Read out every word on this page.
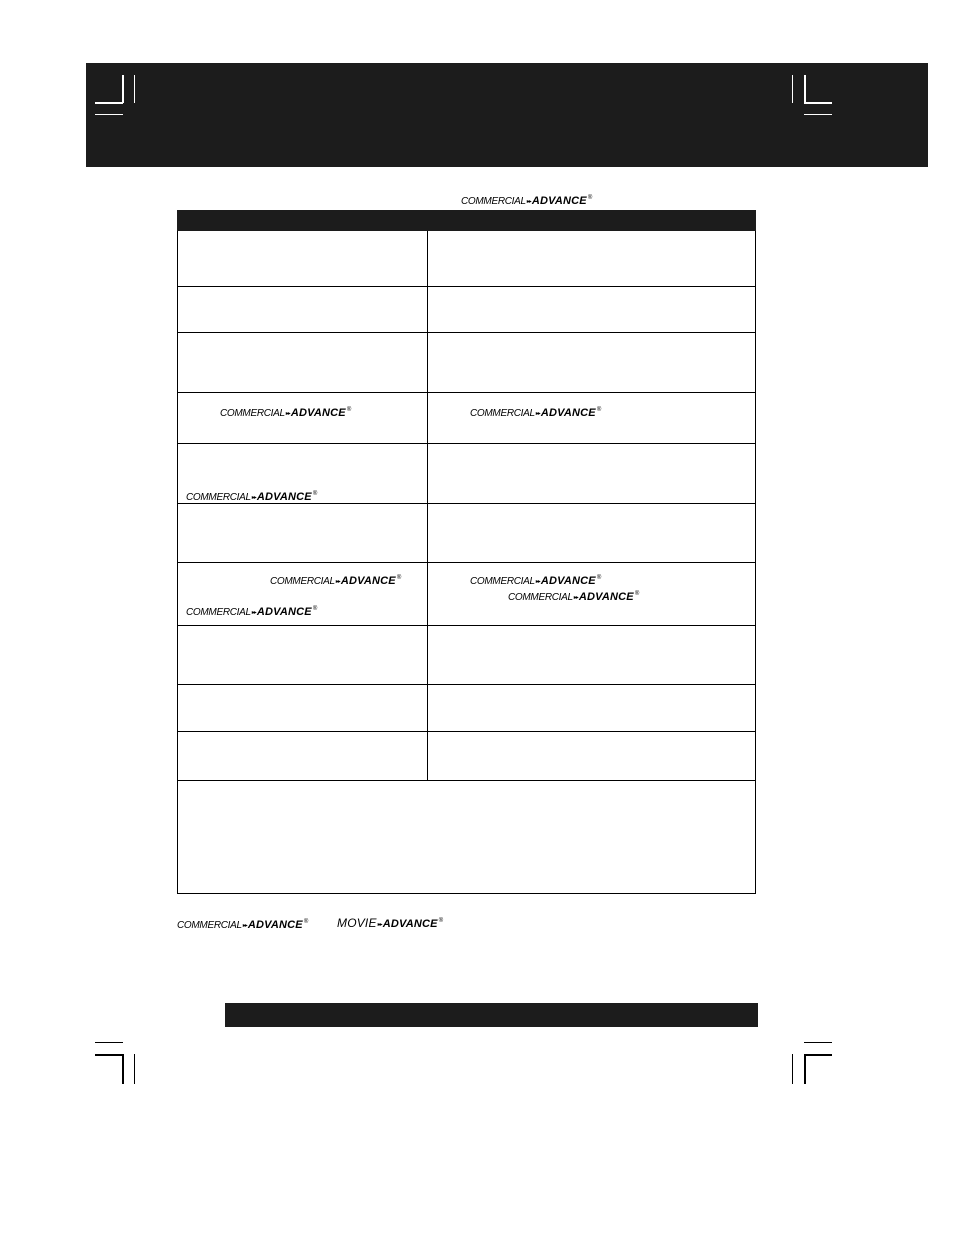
COMMERCIAL▸▸ADVANCE®
COMMERCIAL▸▸ADVANCE®	COMMERCIAL▸▸ADVANCE®
COMMERCIAL▸▸ADVANCE®
COMMERCIAL▸▸ADVANCE®
COMMERCIAL▸▸ADVANCE®
COMMERCIAL▸▸ADVANCE®
COMMERCIAL▸▸ADVANCE®
COMMERCIAL▸▸ADVANCE® MOVIE▸▸ADVANCE®
